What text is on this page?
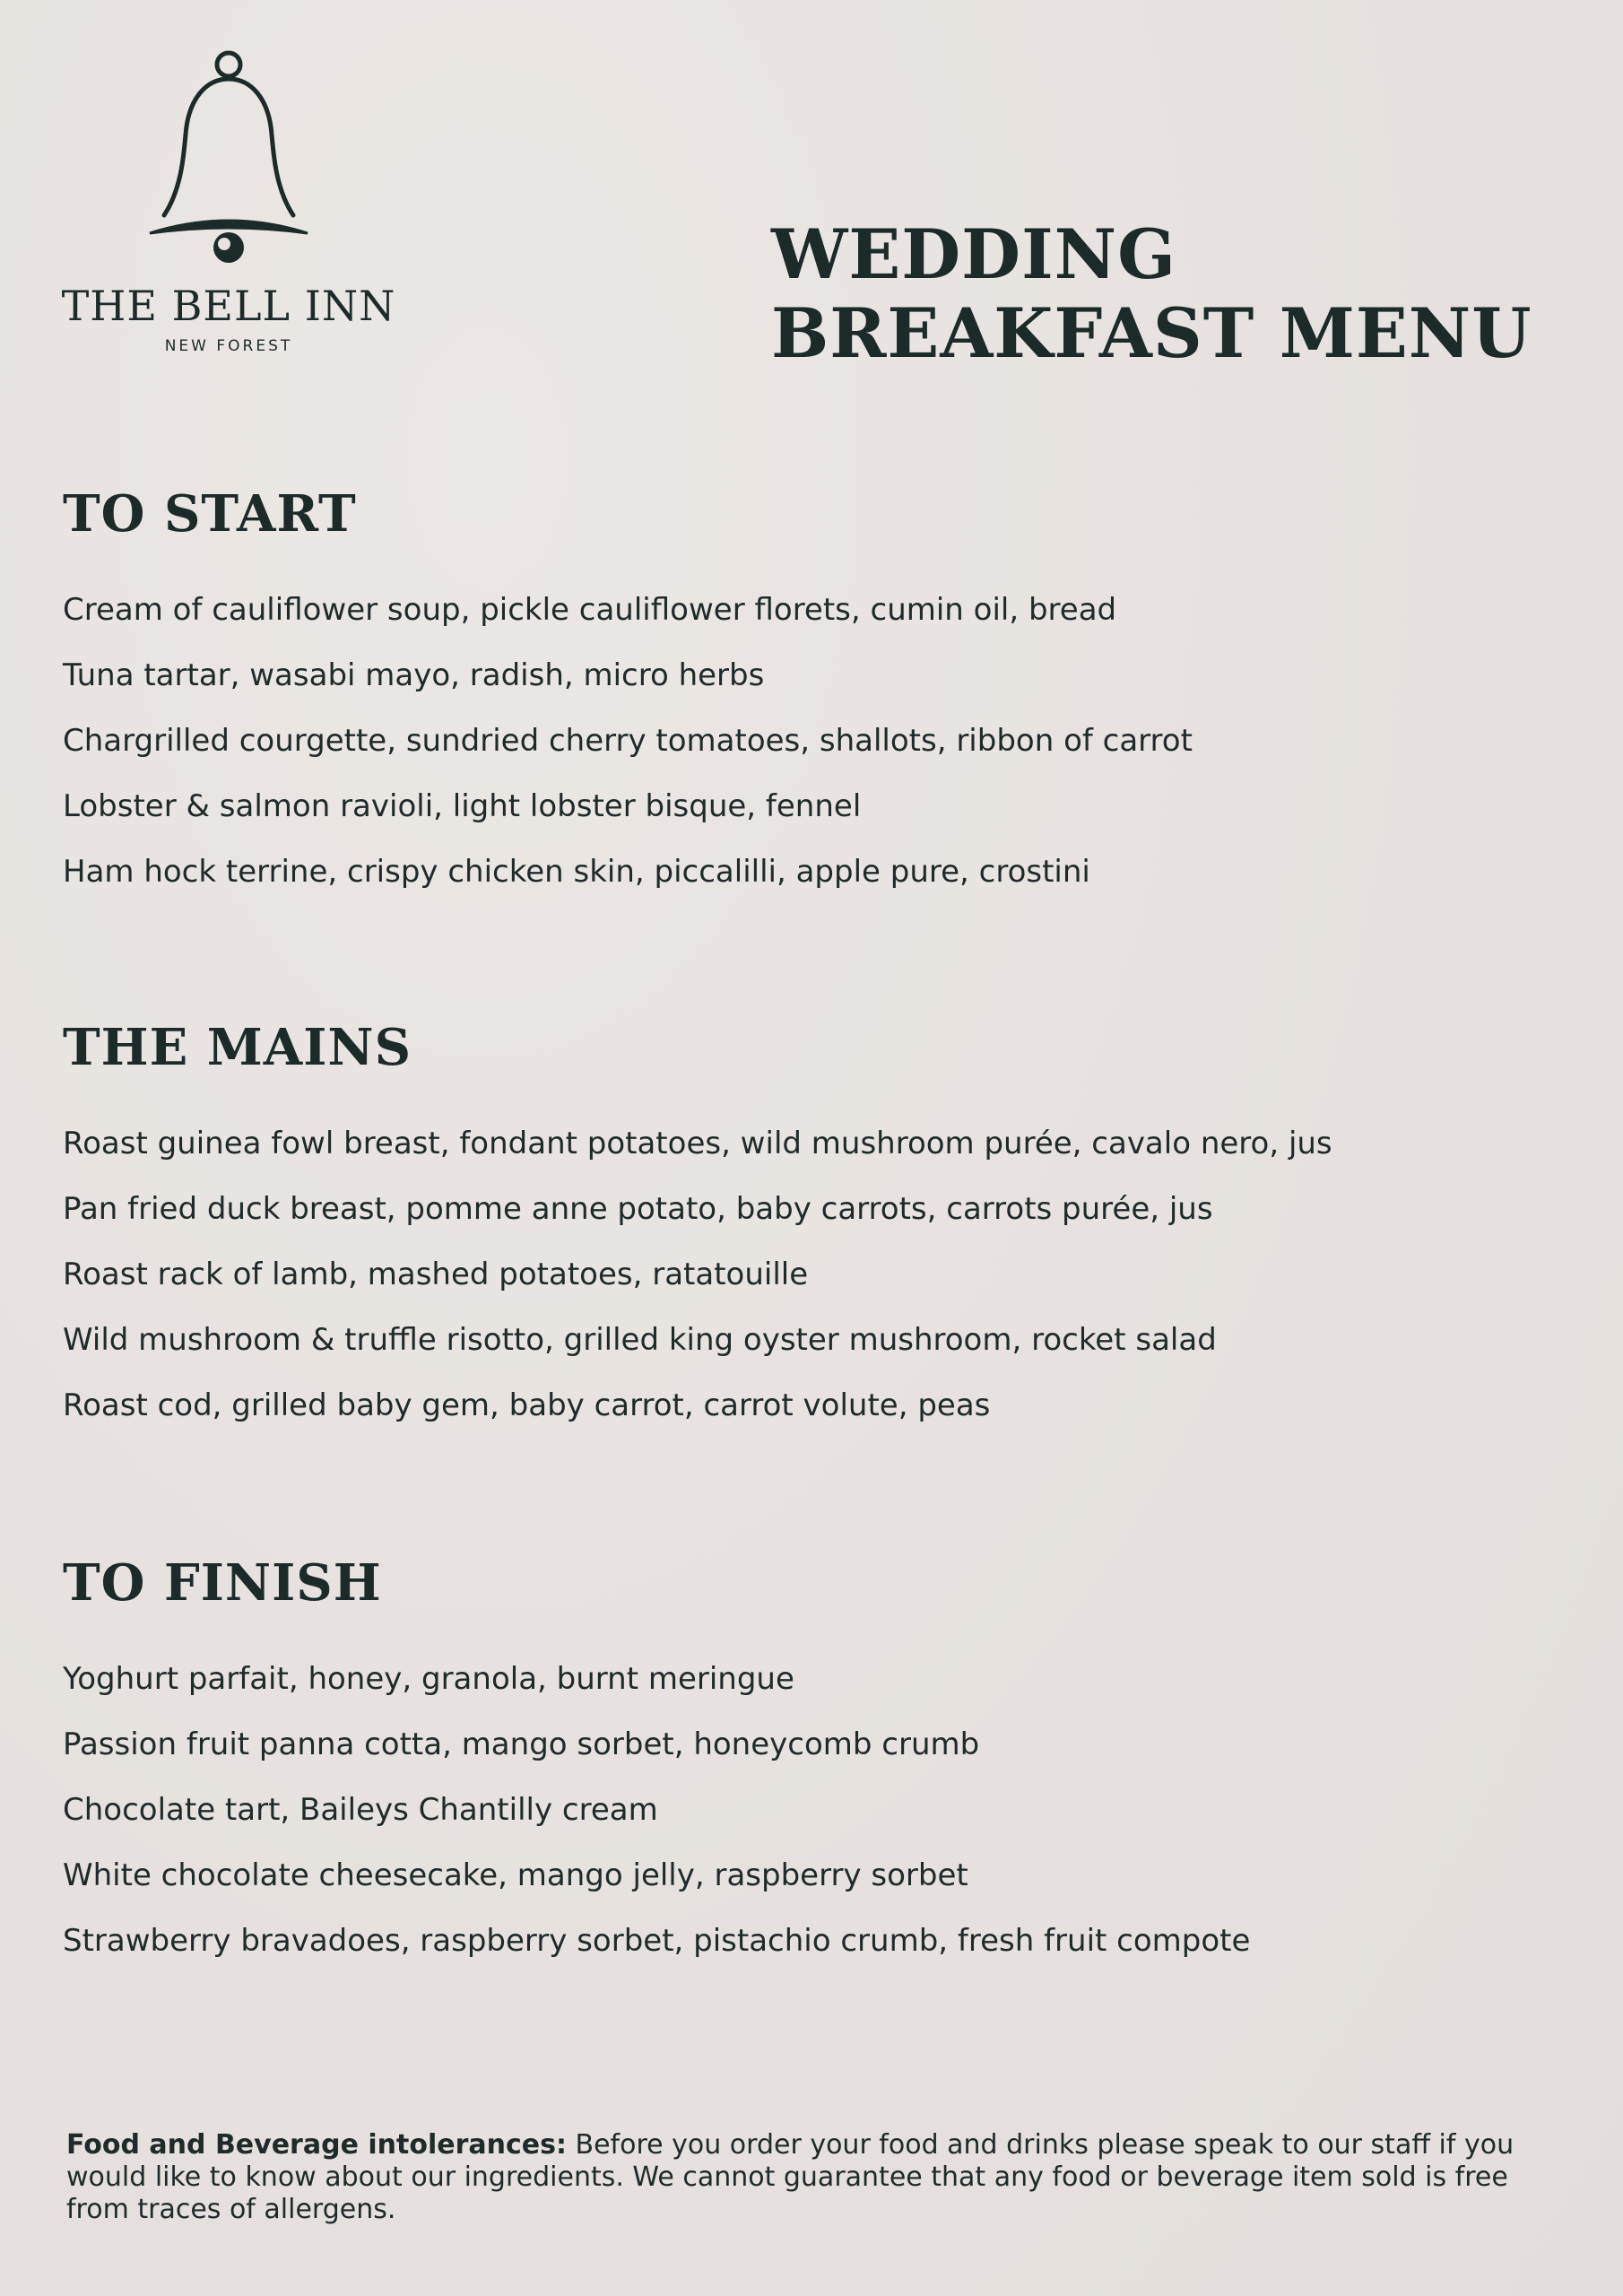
THE BELL INN
NEW FOREST
WEDDING
BREAKFAST MENU
TO START
Cream of cauliflower soup, pickle cauliflower florets, cumin oil, bread
Tuna tartar, wasabi mayo, radish, micro herbs
Chargrilled courgette, sundried cherry tomatoes, shallots, ribbon of carrot
Lobster & salmon ravioli, light lobster bisque, fennel
Ham hock terrine, crispy chicken skin, piccalilli, apple pure, crostini
THE MAINS
Roast guinea fowl breast, fondant potatoes, wild mushroom purée, cavalo nero, jus
Pan fried duck breast, pomme anne potato, baby carrots, carrots purée, jus
Roast rack of lamb, mashed potatoes, ratatouille
Wild mushroom & truffle risotto, grilled king oyster mushroom, rocket salad
Roast cod, grilled baby gem, baby carrot, carrot volute, peas
TO FINISH
Yoghurt parfait, honey, granola, burnt meringue
Passion fruit panna cotta, mango sorbet, honeycomb crumb
Chocolate tart, Baileys Chantilly cream
White chocolate cheesecake, mango jelly, raspberry sorbet
Strawberry bravadoes, raspberry sorbet, pistachio crumb, fresh fruit compote
Food and Beverage intolerances: Before you order your food and drinks please speak to our staff if you would like to know about our ingredients. We cannot guarantee that any food or beverage item sold is free from traces of allergens.
